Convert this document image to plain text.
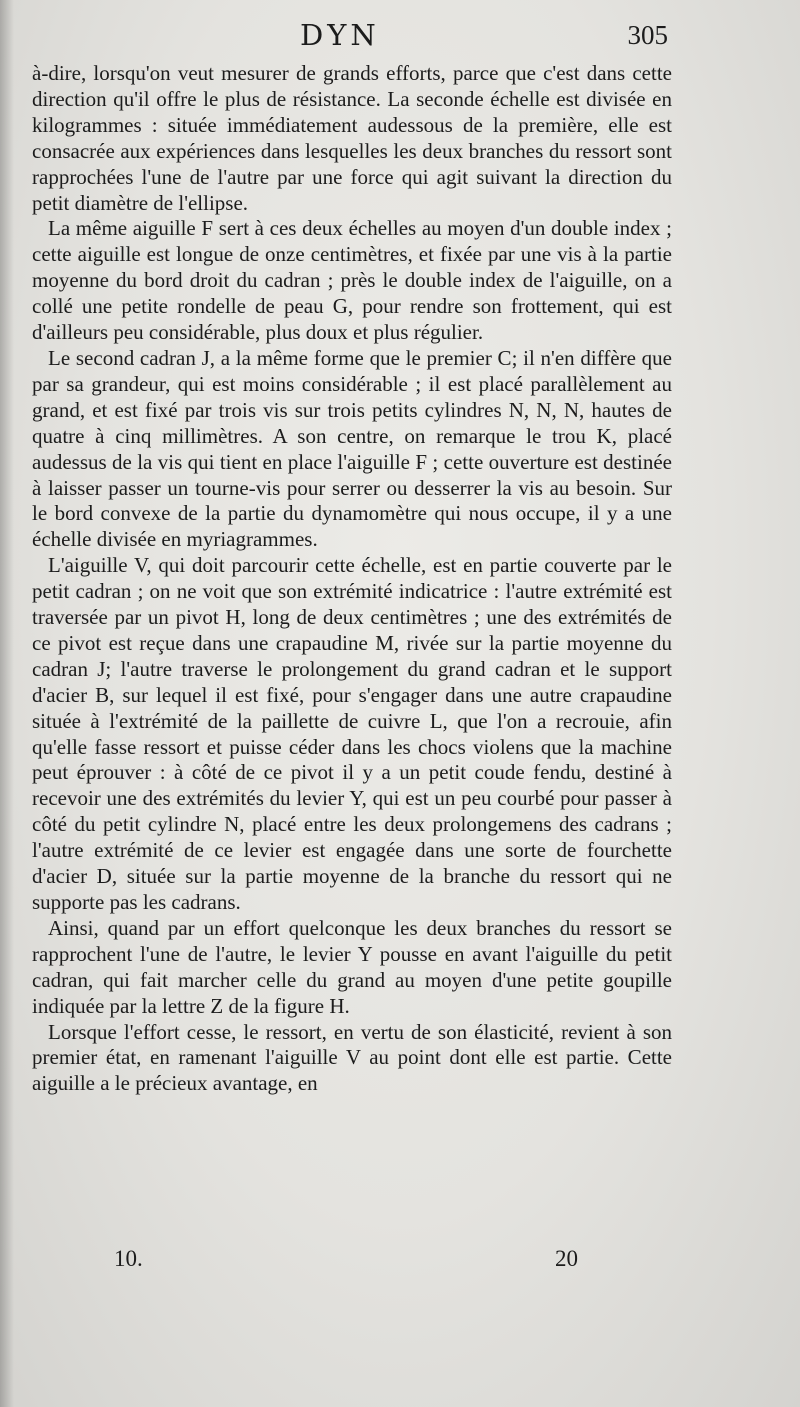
DYN	305

à-dire, lorsqu'on veut mesurer de grands efforts, parce que c'est dans cette direction qu'il offre le plus de résistance. La seconde échelle est divisée en kilogrammes : située immédiatement audessous de la première, elle est consacrée aux expériences dans lesquelles les deux branches du ressort sont rapprochées l'une de l'autre par une force qui agit suivant la direction du petit diamètre de l'ellipse.

La même aiguille F sert à ces deux échelles au moyen d'un double index ; cette aiguille est longue de onze centimètres, et fixée par une vis à la partie moyenne du bord droit du cadran ; près le double index de l'aiguille, on a collé une petite rondelle de peau G, pour rendre son frottement, qui est d'ailleurs peu considérable, plus doux et plus régulier.

Le second cadran J, a la même forme que le premier C; il n'en diffère que par sa grandeur, qui est moins considérable ; il est placé parallèlement au grand, et est fixé par trois vis sur trois petits cylindres N, N, N, hautes de quatre à cinq millimètres. A son centre, on remarque le trou K, placé audessus de la vis qui tient en place l'aiguille F ; cette ouverture est destinée à laisser passer un tourne-vis pour serrer ou desserrer la vis au besoin. Sur le bord convexe de la partie du dynamomètre qui nous occupe, il y a une échelle divisée en myriagrammes.

L'aiguille V, qui doit parcourir cette échelle, est en partie couverte par le petit cadran ; on ne voit que son extrémité indicatrice : l'autre extrémité est traversée par un pivot H, long de deux centimètres ; une des extrémités de ce pivot est reçue dans une crapaudine M, rivée sur la partie moyenne du cadran J; l'autre traverse le prolongement du grand cadran et le support d'acier B, sur lequel il est fixé, pour s'engager dans une autre crapaudine située à l'extrémité de la paillette de cuivre L, que l'on a recrouie, afin qu'elle fasse ressort et puisse céder dans les chocs violens que la machine peut éprouver : à côté de ce pivot il y a un petit coude fendu, destiné à recevoir une des extrémités du levier Y, qui est un peu courbé pour passer à côté du petit cylindre N, placé entre les deux prolongemens des cadrans ; l'autre extrémité de ce levier est engagée dans une sorte de fourchette d'acier D, située sur la partie moyenne de la branche du ressort qui ne supporte pas les cadrans.

Ainsi, quand par un effort quelconque les deux branches du ressort se rapprochent l'une de l'autre, le levier Y pousse en avant l'aiguille du petit cadran, qui fait marcher celle du grand au moyen d'une petite goupille indiquée par la lettre Z de la figure H.

Lorsque l'effort cesse, le ressort, en vertu de son élasticité, revient à son premier état, en ramenant l'aiguille V au point dont elle est partie. Cette aiguille a le précieux avantage, en

10.	20
